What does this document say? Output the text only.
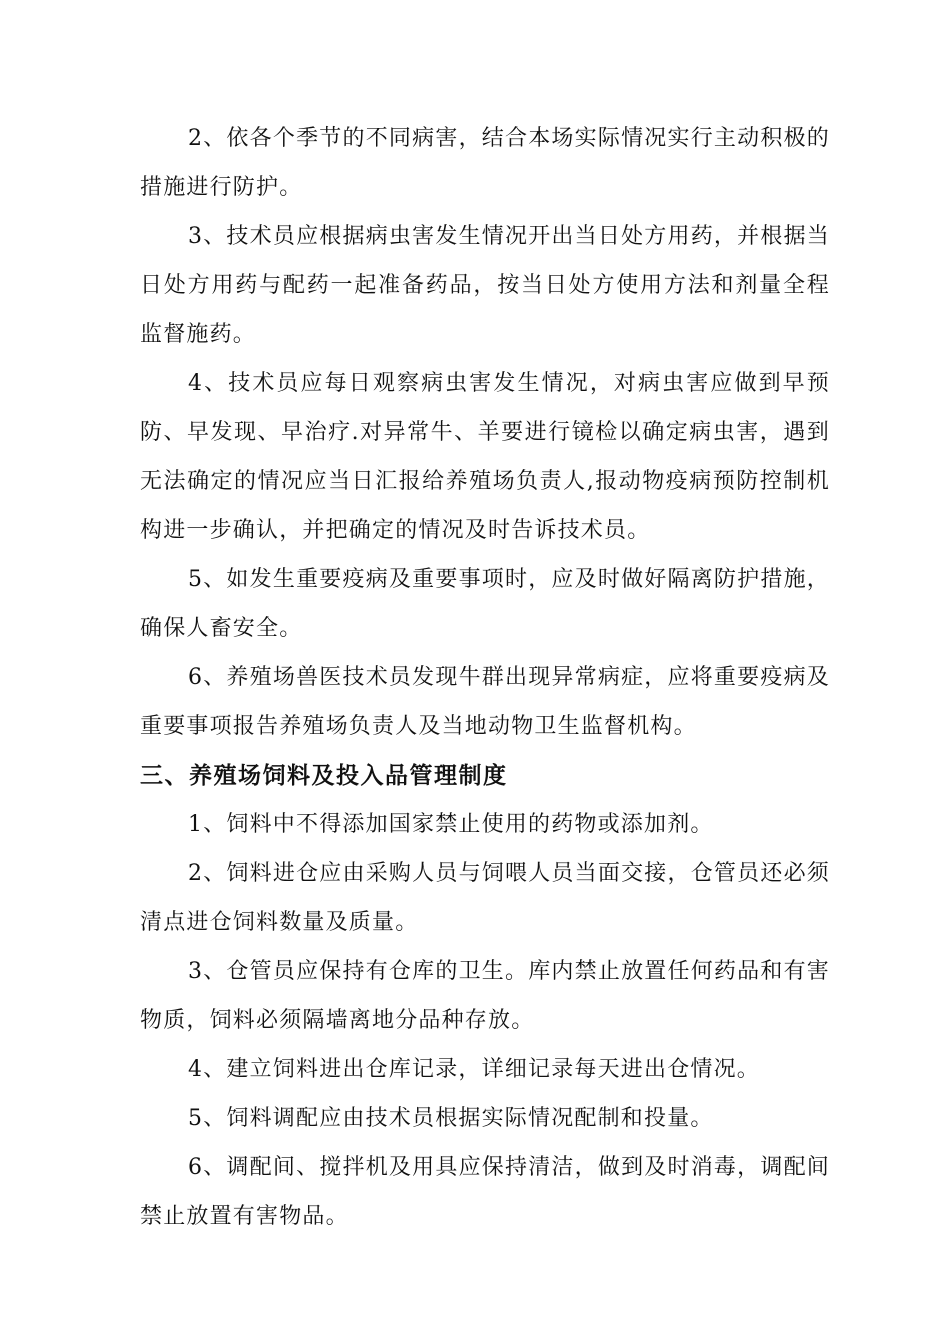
2、依各个季节的不同病害，结合本场实际情况实行主动积极的措施进行防护。

3、技术员应根据病虫害发生情况开出当日处方用药，并根据当日处方用药与配药一起准备药品，按当日处方使用方法和剂量全程监督施药。

4、技术员应每日观察病虫害发生情况，对病虫害应做到早预防、早发现、早治疗.对异常牛、羊要进行镜检以确定病虫害，遇到无法确定的情况应当日汇报给养殖场负责人,报动物疫病预防控制机构进一步确认，并把确定的情况及时告诉技术员。

5、如发生重要疫病及重要事项时，应及时做好隔离防护措施，确保人畜安全。

6、养殖场兽医技术员发现牛群出现异常病症，应将重要疫病及重要事项报告养殖场负责人及当地动物卫生监督机构。

三、养殖场饲料及投入品管理制度

1、饲料中不得添加国家禁止使用的药物或添加剂。

2、饲料进仓应由采购人员与饲喂人员当面交接，仓管员还必须清点进仓饲料数量及质量。

3、仓管员应保持有仓库的卫生。库内禁止放置任何药品和有害物质，饲料必须隔墙离地分品种存放。

4、建立饲料进出仓库记录，详细记录每天进出仓情况。

5、饲料调配应由技术员根据实际情况配制和投量。

6、调配间、搅拌机及用具应保持清洁，做到及时消毒，调配间禁止放置有害物品。
